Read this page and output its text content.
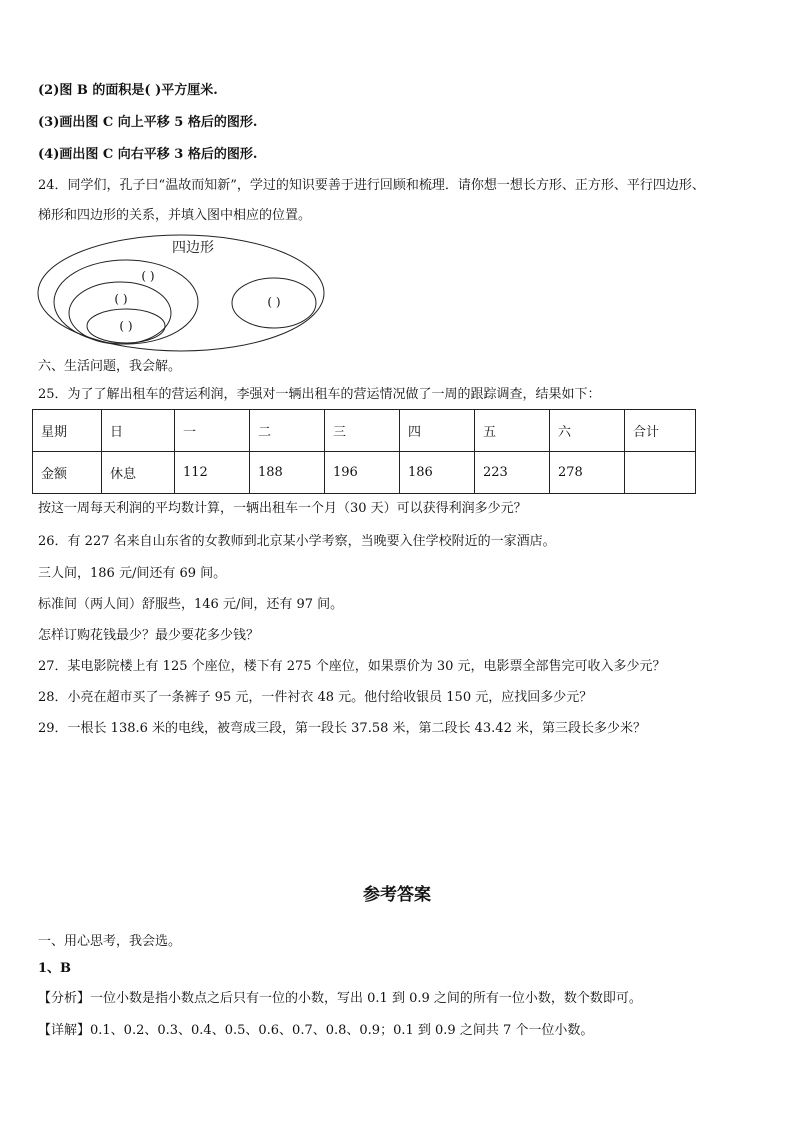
(2)图 B 的面积是( )平方厘米.
(3)画出图 C 向上平移 5 格后的图形.
(4)画出图 C 向右平移 3 格后的图形.
24．同学们，孔子曰“温故而知新”，学过的知识要善于进行回顾和梳理．请你想一想长方形、正方形、平行四边形、
梯形和四边形的关系，并填入图中相应的位置。
四边形
( )
( )
( )
( )
六、生活问题，我会解。
25．为了了解出租车的营运利润，李强对一辆出租车的营运情况做了一周的跟踪调查，结果如下：
星期	日	一	二	三	四	五	六	合计
金额	休息	112	188	196	186	223	278	
按这一周每天利润的平均数计算，一辆出租车一个月（30 天）可以获得利润多少元？
26．有 227 名来自山东省的女教师到北京某小学考察，当晚要入住学校附近的一家酒店。
三人间，186 元/间还有 69 间。
标准间（两人间）舒服些，146 元/间，还有 97 间。
怎样订购花钱最少？最少要花多少钱？
27．某电影院楼上有 125 个座位，楼下有 275 个座位，如果票价为 30 元，电影票全部售完可收入多少元？
28．小亮在超市买了一条裤子 95 元，一件衬衣 48 元。他付给收银员 150 元，应找回多少元？
29．一根长 138.6 米的电线，被弯成三段，第一段长 37.58 米，第二段长 43.42 米，第三段长多少米？
参考答案
一、用心思考，我会选。
1、B
【分析】一位小数是指小数点之后只有一位的小数，写出 0.1 到 0.9 之间的所有一位小数，数个数即可。
【详解】0.1、0.2、0.3、0.4、0.5、0.6、0.7、0.8、0.9；0.1 到 0.9 之间共 7 个一位小数。
